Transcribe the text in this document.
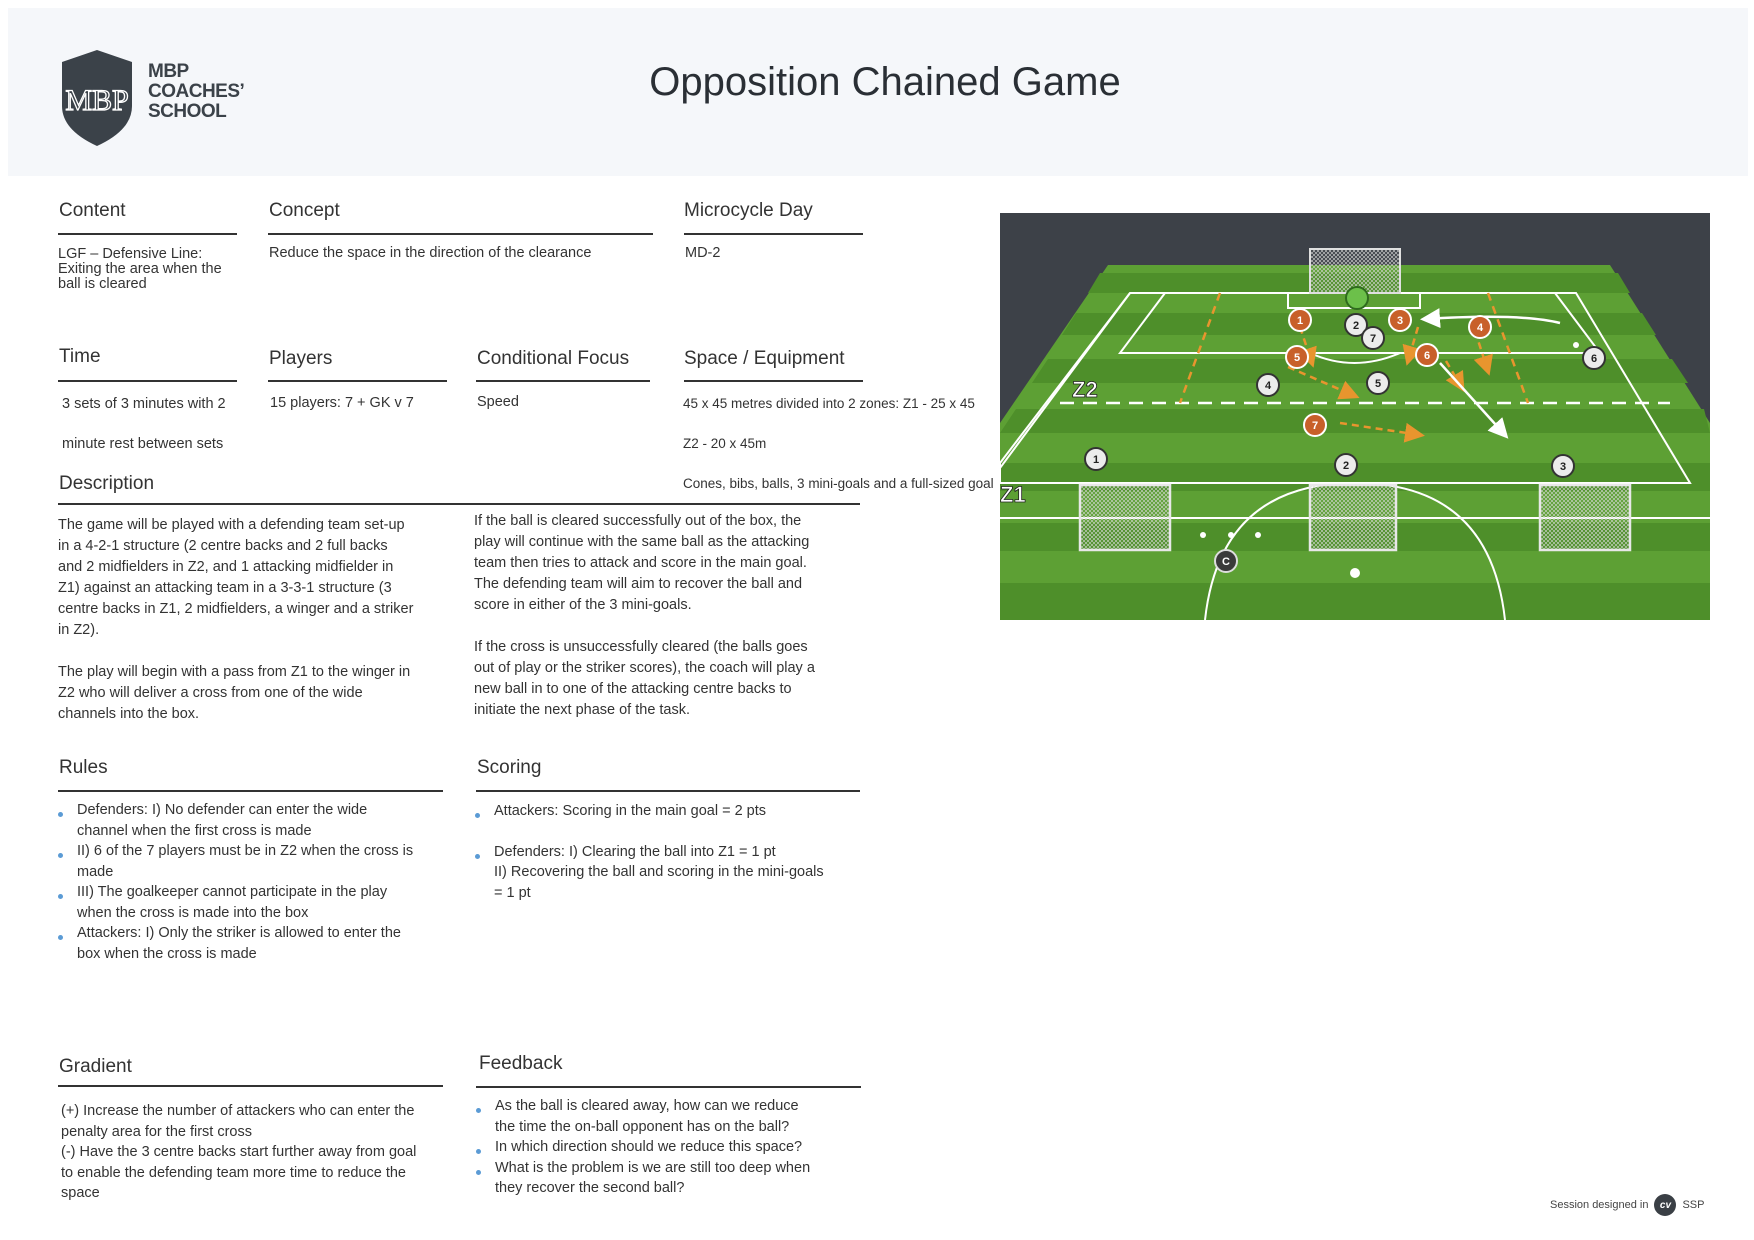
MBP
MBP
COACHES’
SCHOOL
Opposition Chained Game
Content
LGF – Defensive Line:
Exiting the area when the
ball is cleared
Concept
Reduce the space in the direction of the clearance
Microcycle Day
MD-2
Time
3 sets of 3 minutes with 2
minute rest between sets
Players
15 players: 7 + GK v 7
Conditional Focus
Speed
Space / Equipment
45 x 45 metres divided into 2 zones: Z1 - 25 x 45
Z2 - 20 x 45m
Cones, bibs, balls, 3 mini-goals and a full-sized goal
Description
The game will be played with a defending team set-up
in a 4-2-1 structure (2 centre backs and 2 full backs
and 2 midfielders in Z2, and 1 attacking midfielder in
Z1) against an attacking team in a 3-3-1 structure (3
centre backs in Z1, 2 midfielders, a winger and a striker
in Z2).
The play will begin with a pass from Z1 to the winger in
Z2 who will deliver a cross from one of the wide
channels into the box.
If the ball is cleared successfully out of the box, the
play will continue with the same ball as the attacking
team then tries to attack and score in the main goal.
The defending team will aim to recover the ball and
score in either of the 3 mini-goals.
If the cross is unsuccessfully cleared (the balls goes
out of play or the striker scores), the coach will play a
new ball in to one of the attacking centre backs to
initiate the next phase of the task.
Rules
Defenders: I) No defender can enter the wide
channel when the first cross is made
II) 6 of the 7 players must be in Z2 when the cross is
made
III) The goalkeeper cannot participate in the play
when the cross is made into the box
Attackers: I) Only the striker is allowed to enter the
box when the cross is made
Scoring
Attackers: Scoring in the main goal = 2 pts
Defenders: I) Clearing the ball into Z1 = 1 pt
II) Recovering the ball and scoring in the mini-goals
= 1 pt
Gradient
(+) Increase the number of attackers who can enter the
penalty area for the first cross
(-) Have the 3 centre backs start further away from goal
to enable the defending team more time to reduce the
space
Feedback
As the ball is cleared away, how can we reduce
the time the on-ball opponent has on the ball?
In which direction should we reduce this space?
What is the problem is we are still too deep when
they recover the second ball?
1	3
5	6
4
7
2
7
4	5
6
1	2	3
C
Z2
Z1
Session designed in	cv	SSP
